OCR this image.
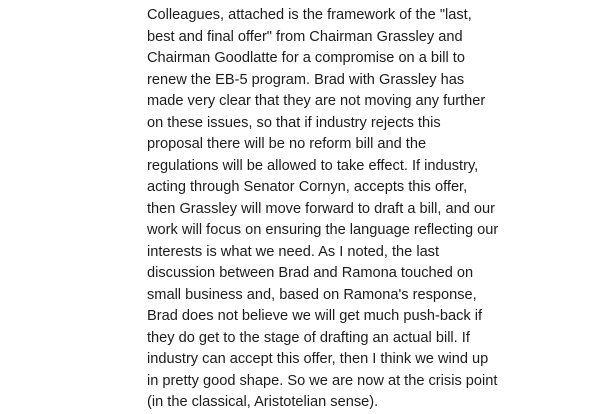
Colleagues, attached is the framework of the "last,
best and final offer" from Chairman Grassley and
Chairman Goodlatte for a compromise on a bill to
renew the EB-5 program. Brad with Grassley has
made very clear that they are not moving any further
on these issues, so that if industry rejects this
proposal there will be no reform bill and the
regulations will be allowed to take effect. If industry,
acting through Senator Cornyn, accepts this offer,
then Grassley will move forward to draft a bill, and our
work will focus on ensuring the language reflecting our
interests is what we need. As I noted, the last
discussion between Brad and Ramona touched on
small business and, based on Ramona's response,
Brad does not believe we will get much push-back if
they do get to the stage of drafting an actual bill. If
industry can accept this offer, then I think we wind up
in pretty good shape. So we are now at the crisis point
(in the classical, Aristotelian sense).
